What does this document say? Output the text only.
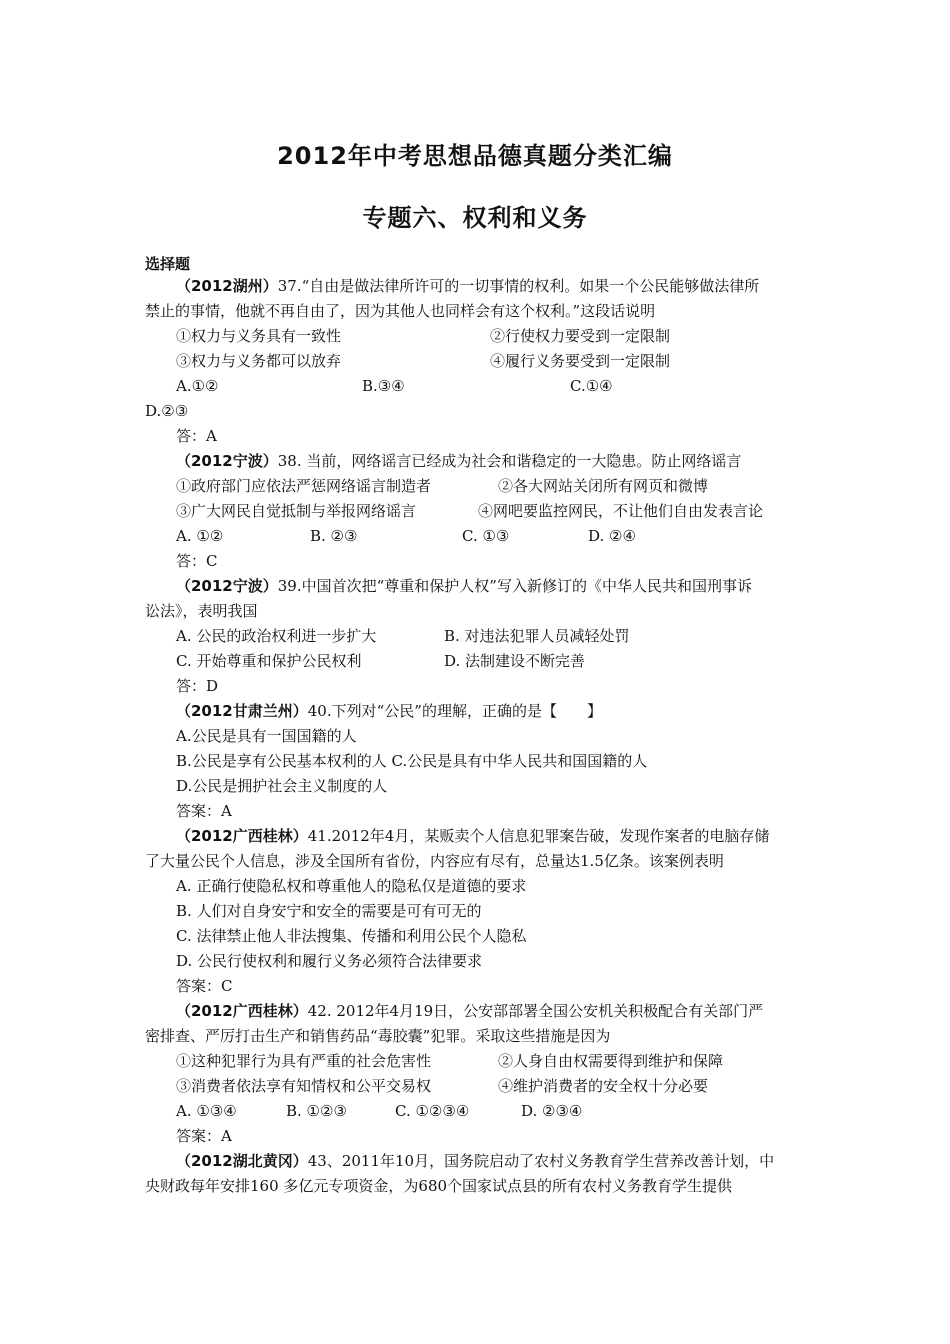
2012年中考思想品德真题分类汇编
专题六、权利和义务
选择题
（2012湖州）37.“自由是做法律所许可的一切事情的权利。如果一个公民能够做法律所
禁止的事情，他就不再自由了，因为其他人也同样会有这个权利。”这段话说明
①权力与义务具有一致性	②行使权力要受到一定限制
③权力与义务都可以放弃	④履行义务要受到一定限制
A.①②	B.③④	C.①④
D.②③
答：A
（2012宁波）38. 当前，网络谣言已经成为社会和谐稳定的一大隐患。防止网络谣言
①政府部门应依法严惩网络谣言制造者	②各大网站关闭所有网页和微博
③广大网民自觉抵制与举报网络谣言	④网吧要监控网民，不让他们自由发表言论
A. ①②	B. ②③	C. ①③	D. ②④
答：C
（2012宁波）39.中国首次把“尊重和保护人权”写入新修订的《中华人民共和国刑事诉
讼法》，表明我国
A. 公民的政治权利进一步扩大	B. 对违法犯罪人员减轻处罚
C. 开始尊重和保护公民权利	D. 法制建设不断完善
答：D
（2012甘肃兰州）40.下列对“公民”的理解，正确的是【　　】
A.公民是具有一国国籍的人
B.公民是享有公民基本权利的人 C.公民是具有中华人民共和国国籍的人
D.公民是拥护社会主义制度的人
答案：A
（2012广西桂林）41.2012年4月，某贩卖个人信息犯罪案告破，发现作案者的电脑存储
了大量公民个人信息，涉及全国所有省份，内容应有尽有，总量达1.5亿条。该案例表明
A. 正确行使隐私权和尊重他人的隐私仅是道德的要求
B. 人们对自身安宁和安全的需要是可有可无的
C. 法律禁止他人非法搜集、传播和利用公民个人隐私
D. 公民行使权利和履行义务必须符合法律要求
答案：C
（2012广西桂林）42. 2012年4月19日，公安部部署全国公安机关积极配合有关部门严
密排查、严厉打击生产和销售药品“毒胶囊”犯罪。采取这些措施是因为
①这种犯罪行为具有严重的社会危害性	②人身自由权需要得到维护和保障
③消费者依法享有知情权和公平交易权	④维护消费者的安全权十分必要
A. ①③④	B. ①②③	C. ①②③④	D. ②③④
答案：A
（2012湖北黄冈）43、2011年10月，国务院启动了农村义务教育学生营养改善计划，中
央财政每年安排160 多亿元专项资金，为680个国家试点县的所有农村义务教育学生提供
